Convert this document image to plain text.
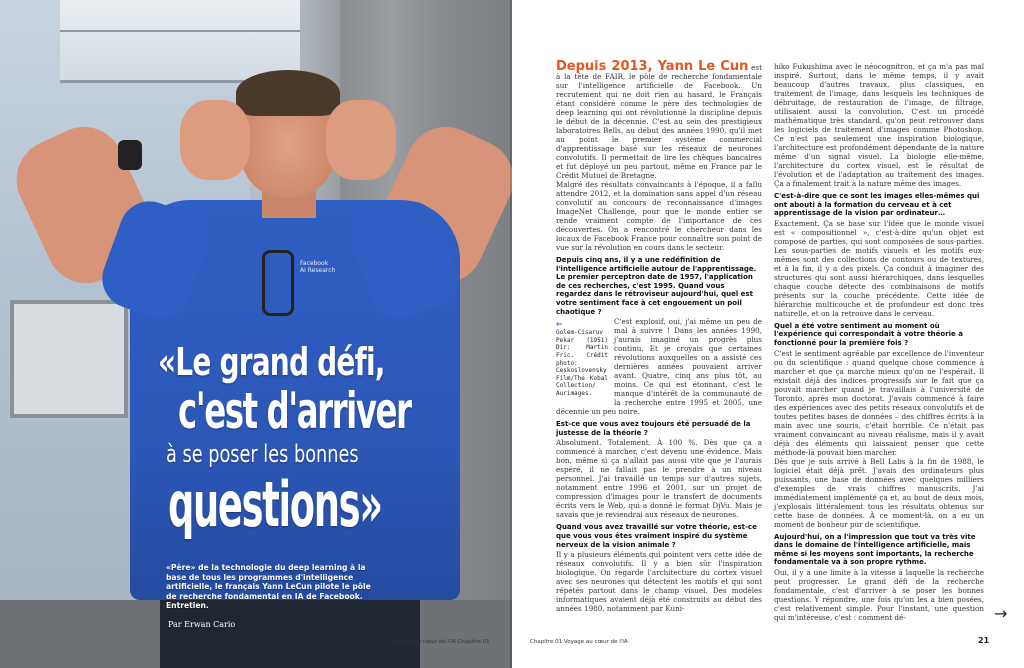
Facebook
AI Research
«Le grand défi,
c'est d'arriver
à se poser les bonnes
questions»
«Père» de la technologie du deep learning à la base de tous les programmes d'intelligence artificielle, le français Yann LeCun pilote le pôle de recherche fondamental en IA de Facebook. Entretien.
Par Erwan Cario
Voyage au cœur de l'IA Chapitre 01

Depuis 2013, Yann Le Cun est à la tête de FAIR, le pôle de recherche fondamentale sur l'intelligence artificielle de Facebook. Un recrutement qui ne doit rien au hasard, le Français étant considéré comme le père des technologies de deep learning qui ont révolutionné la discipline depuis le début de la décennie. C'est au sein des prestigieux laboratoires Bells, au début des années 1990, qu'il met au point le premier système commercial d'apprentissage basé sur les réseaux de neurones convolutifs. Il permettait de lire les chèques bancaires et fut déployé un peu partout, même en France par le Crédit Mutuel de Bretagne.

Malgré des résultats convaincants à l'époque, il a fallu attendre 2012, et la domination sans appel d'un réseau convolutif au concours de reconnaissance d'images ImageNet Challenge, pour que le monde entier se rende vraiment compte de l'importance de ces découvertes. On a rencontré le chercheur dans les locaux de Facebook France pour connaître son point de vue sur la révolution en cours dans le secteur.

Depuis cinq ans, il y a une redéfinition de l'intelligence artificielle autour de l'apprentissage. Le premier perceptron date de 1957, l'application de ces recherches, c'est 1995. Quand vous regardez dans le rétroviseur aujourd'hui, quel est votre sentiment face à cet engouement un poil chaotique ?

⇐
Golem-Cisaruv Pekar (1951) Dir: Martin Fric. Crédit photo: Ceskoslovensky Film/The Kobal Collection/ Aurimages.
C'est explosif, oui, j'ai même un peu de mal à suivre ! Dans les années 1990, j'aurais imaginé un progrès plus continu. Et je croyais que certaines révolutions auxquelles on a assisté ces dernières années pouvaient arriver avant. Quatre, cinq ans plus tôt, au moins. Ce qui est étonnant, c'est le manque d'intérêt de la communauté de la recherche entre 1995 et 2005, une décennie un peu noire.

Est-ce que vous avez toujours été persuadé de la justesse de la théorie ?

Absolument. Totalement. À 100 %. Dès que ça a commencé à marcher, c'est devenu une évidence. Mais bon, même si ça n'allait pas aussi vite que je l'aurais espéré, il ne fallait pas le prendre à un niveau personnel. J'ai travaillé un temps sur d'autres sujets, notamment entre 1996 et 2001, sur un projet de compression d'images pour le transfert de documents écrits vers le Web, qui a donné le format DjVu. Mais je savais que je reviendrai aux réseaux de neurones.

Quand vous avez travaillé sur votre théorie, est-ce que vous vous êtes vraiment inspiré du système nerveux de la vision animale ?

Il y a plusieurs éléments qui pointent vers cette idée de réseaux convolutifs. Il y a bien sûr l'inspiration biologique. On regarde l'architecture du cortex visuel avec ses neurones qui détectent les motifs et qui sont répétés partout dans le champ visuel. Des modèles informatiques avaient déjà été construits au début des années 1980, notamment par Kuni-

hiko Fukushima avec le néocognitron, et ça m'a pas mal inspiré. Surtout, dans le même temps, il y avait beaucoup d'autres travaux, plus classiques, en traitement de l'image, dans lesquels les techniques de débruitage, de restauration de l'image, de filtrage, utilisaient aussi la convolution. C'est un procédé mathématique très standard, qu'on peut retrouver dans les logiciels de traitement d'images comme Photoshop. Ce n'est pas seulement une inspiration biologique, l'architecture est profondément dépendante de la nature même d'un signal visuel. La biologie elle-même, l'architecture du cortex visuel, est le résultat de l'évolution et de l'adaptation au traitement des images. Ça a finalement trait à la nature même des images.

C'est-à-dire que ce sont les images elles-mêmes qui ont abouti à la formation du cerveau et à cet apprentissage de la vision par ordinateur…

Exactement. Ça se base sur l'idée que le monde visuel est « compositionnel », c'est-à-dire qu'un objet est composé de parties, qui sont composées de sous-parties. Les sous-parties de motifs visuels et les motifs eux-mêmes sont des collections de contours ou de textures, et à la fin, il y a des pixels. Ça conduit à imaginer des structures qui sont aussi hiérarchiques, dans lesquelles chaque couche détecte des combinaisons de motifs présents sur la couche précédente. Cette idée de hiérarchie multicouche et de profondeur est donc très naturelle, et on la retrouve dans le cerveau.

Quel a été votre sentiment au moment où l'expérience qui correspondait à votre théorie a fonctionné pour la première fois ?

C'est le sentiment agréable par excellence de l'inventeur ou du scientifique : quand quelque chose commence à marcher et que ça marche mieux qu'on ne l'espérait. Il existait déjà des indices progressifs sur le fait que ça pouvait marcher quand je travaillais à l'université de Toronto, après mon doctorat. J'avais commencé à faire des expériences avec des petits réseaux convolutifs et de toutes petites bases de données – des chiffres écrits à la main avec une souris, c'était horrible. Ce n'était pas vraiment convaincant au niveau réalisme, mais il y avait déjà des éléments qui laissaient penser que cette méthode-là pouvait bien marcher.

Dès que je suis arrivé à Bell Labs à la fin de 1988, le logiciel était déjà prêt. J'avais des ordinateurs plus puissants, une base de données avec quelques milliers d'exemples de vrais chiffres manuscrits. J'ai immédiatement implémenté ça et, au bout de deux mois, j'explosais littéralement tous les résultats obtenus sur cette base de données. À ce moment-là, on a eu un moment de bonheur pur de scientifique.

Aujourd'hui, on a l'impression que tout va très vite dans le domaine de l'intelligence artificielle, mais même si les moyens sont importants, la recherche fondamentale va à son propre rythme.

Oui, il y a une limite à la vitesse à laquelle la recherche peut progresser. Le grand défi de la recherche fondamentale, c'est d'arriver à se poser les bonnes questions. Y répondre, une fois qu'on les a bien posées, c'est relativement simple. Pour l'instant, une question qui m'intéresse, c'est : comment dé-	→
Chapitre 01 Voyage au cœur de l'IA	21
